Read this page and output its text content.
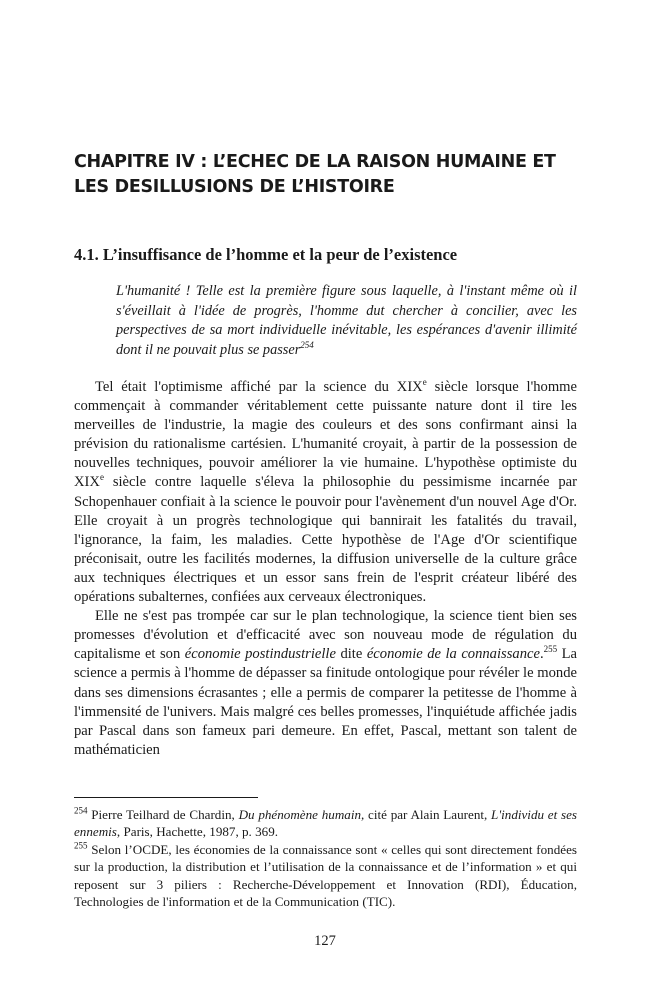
CHAPITRE IV : L’ECHEC DE LA RAISON HUMAINE ET
LES DESILLUSIONS DE L’HISTOIRE
4.1. L’insuffisance de l’homme et la peur de l’existence
L'humanité ! Telle est la première figure sous laquelle, à l'instant même où il s'éveillait à l'idée de progrès, l'homme dut chercher à concilier, avec les perspectives de sa mort individuelle inévitable, les espérances d'avenir illimité dont il ne pouvait plus se passer$^{254}$

Tel était l'optimisme affiché par la science du XIXe siècle lorsque l'homme commençait à commander véritablement cette puissante nature dont il tire les merveilles de l'industrie, la magie des couleurs et des sons confirmant ainsi la prévision du rationalisme cartésien. L'humanité croyait, à partir de la possession de nouvelles techniques, pouvoir améliorer la vie humaine. L'hypothèse optimiste du XIXe siècle contre laquelle s'éleva la philosophie du pessimisme incarnée par Schopenhauer confiait à la science le pouvoir pour l'avènement d'un nouvel Age d'Or. Elle croyait à un progrès technologique qui bannirait les fatalités du travail, l'ignorance, la faim, les maladies. Cette hypothèse de l'Age d'Or scientifique préconisait, outre les facilités modernes, la diffusion universelle de la culture grâce aux techniques électriques et un essor sans frein de l'esprit créateur libéré des opérations subalternes, confiées aux cerveaux électroniques.

Elle ne s'est pas trompée car sur le plan technologique, la science tient bien ses promesses d'évolution et d'efficacité avec son nouveau mode de régulation du capitalisme et son économie postindustrielle dite économie de la connaissance.$^{255}$ La science a permis à l'homme de dépasser sa finitude ontologique pour révéler le monde dans ses dimensions écrasantes ; elle a permis de comparer la petitesse de l'homme à l'immensité de l'univers. Mais malgré ces belles promesses, l'inquiétude affichée jadis par Pascal dans son fameux pari demeure. En effet, Pascal, mettant son talent de mathématicien

$^{254}$ Pierre Teilhard de Chardin, Du phénomène humain, cité par Alain Laurent, L'individu et ses ennemis, Paris, Hachette, 1987, p. 369.

$^{255}$ Selon l’OCDE, les économies de la connaissance sont « celles qui sont directement fondées sur la production, la distribution et l’utilisation de la connaissance et de l’information » et qui reposent sur 3 piliers : Recherche-Développement et Innovation (RDI), Éducation, Technologies de l'information et de la Communication (TIC).

127
